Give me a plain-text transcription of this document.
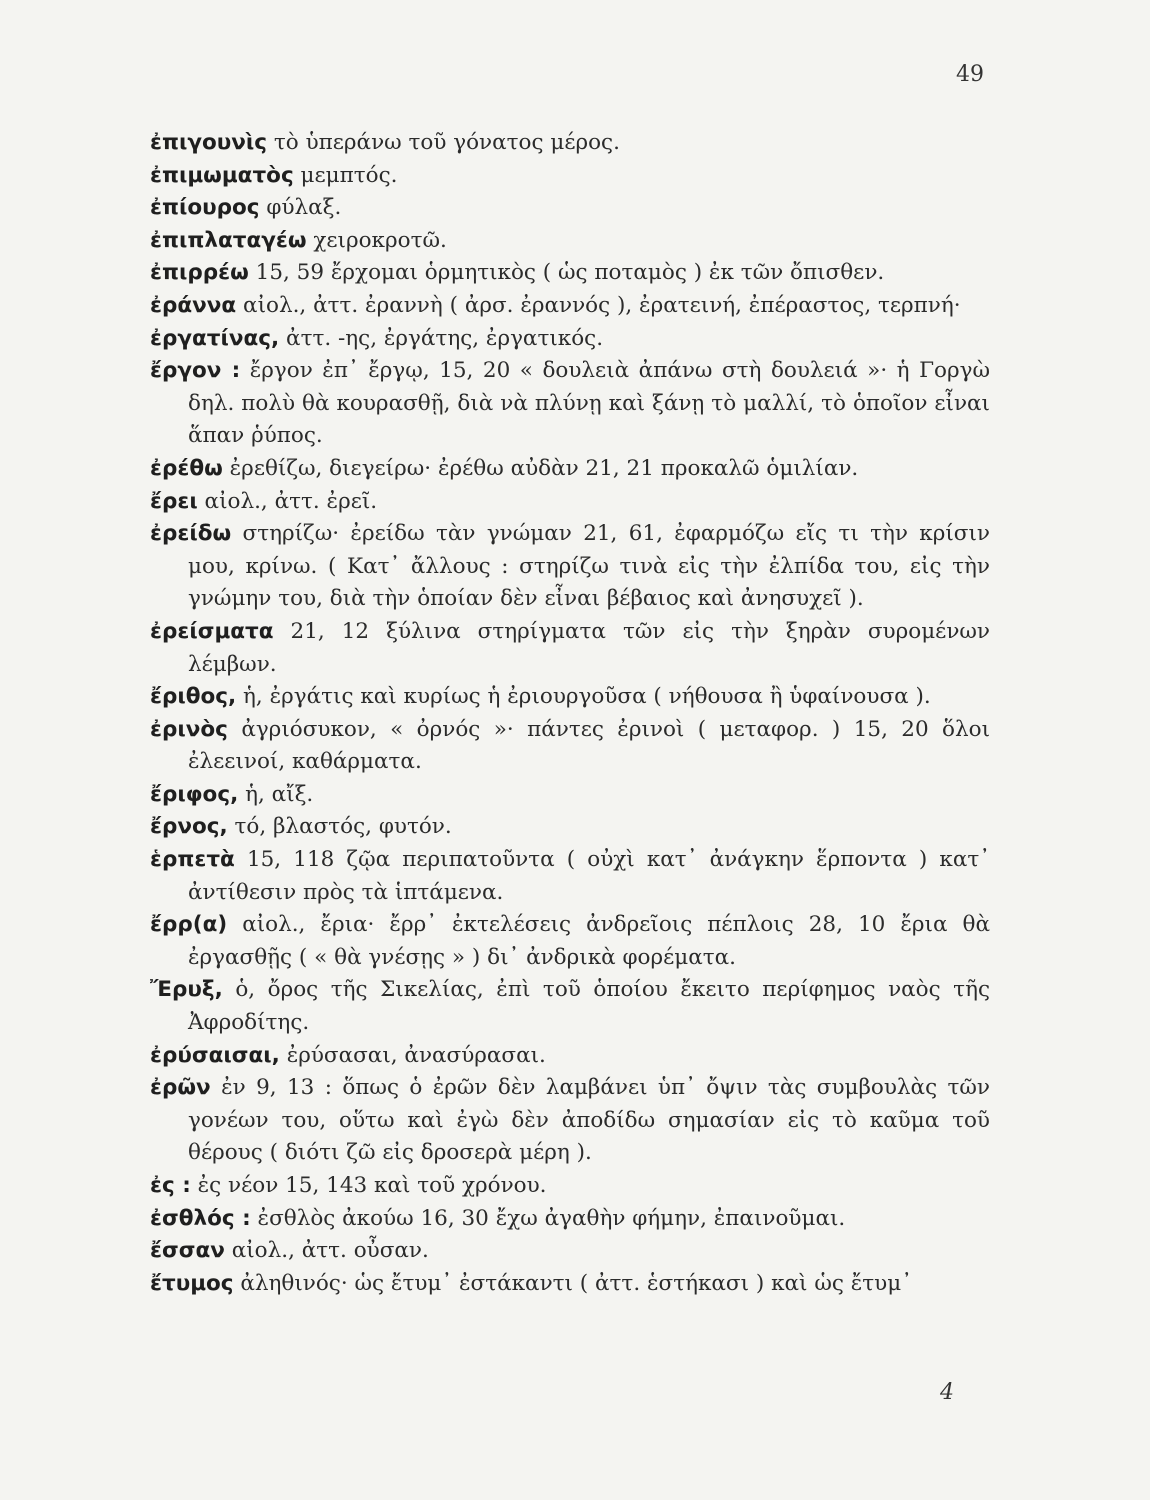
49

ἐπιγουνὶς τὸ ὑπεράνω τοῦ γόνατος μέρος.

ἐπιμωματὸς μεμπτός.

ἐπίουρος φύλαξ.

ἐπιπλαταγέω χειροκροτῶ.

ἐπιρρέω 15, 59 ἔρχομαι ὁρμητικὸς ( ὡς ποταμὸς ) ἐκ τῶν ὄπισθεν.

ἐράννα αἰολ., ἀττ. ἐραννὴ ( ἀρσ. ἐραννός ), ἐρατεινή, ἐπέραστος, τερπνή·

ἐργατίνας, ἀττ. -ης, ἐργάτης, ἐργατικός.

ἔργον : ἔργον ἐπ᾽ ἔργῳ, 15, 20 « δουλειὰ ἀπάνω στὴ δουλειά »· ἡ Γοργὼ δηλ. πολὺ θὰ κουρασθῇ, διὰ νὰ πλύνῃ καὶ ξάνῃ τὸ μαλλί, τὸ ὁποῖον εἶναι ἅπαν ῥύπος.

ἐρέθω ἐρεθίζω, διεγείρω· ἐρέθω αὐδὰν 21, 21 προκαλῶ ὁμιλίαν.

ἔρει αἰολ., ἀττ. ἐρεῖ.

ἐρείδω στηρίζω· ἐρείδω τὰν γνώμαν 21, 61, ἐφαρμόζω εἴς τι τὴν κρίσιν μου, κρίνω. ( Κατ᾽ ἄλλους : στηρίζω τινὰ εἰς τὴν ἐλπίδα του, εἰς τὴν γνώμην του, διὰ τὴν ὁποίαν δὲν εἶναι βέβαιος καὶ ἀνησυχεῖ ).

ἐρείσματα 21, 12 ξύλινα στηρίγματα τῶν εἰς τὴν ξηρὰν συρομένων λέμβων.

ἔριθος, ἡ, ἐργάτις καὶ κυρίως ἡ ἐριουργοῦσα ( νήθουσα ἢ ὑφαίνουσα ).

ἐρινὸς ἀγριόσυκον, « ὀρνός »· πάντες ἐρινοὶ ( μεταφορ. ) 15, 20 ὅλοι ἐλεεινοί, καθάρματα.

ἔριφος, ἡ, αἴξ.

ἔρνος, τό, βλαστός, φυτόν.

ἑρπετὰ 15, 118 ζῷα περιπατοῦντα ( οὐχὶ κατ᾽ ἀνάγκην ἕρποντα ) κατ᾽ ἀντίθεσιν πρὸς τὰ ἱπτάμενα.

ἔρρ(α) αἰολ., ἔρια· ἔρρ᾽ ἐκτελέσεις ἀνδρεῖοις πέπλοις 28, 10 ἔρια θὰ ἐργασθῇς ( « θὰ γνέσῃς » ) δι᾽ ἀνδρικὰ φορέματα.

Ἔρυξ, ὁ, ὄρος τῆς Σικελίας, ἐπὶ τοῦ ὁποίου ἔκειτο περίφημος ναὸς τῆς Ἀφροδίτης.

ἐρύσαισαι, ἐρύσασαι, ἀνασύρασαι.

ἐρῶν ἐν 9, 13 : ὅπως ὁ ἐρῶν δὲν λαμβάνει ὑπ᾽ ὄψιν τὰς συμβουλὰς τῶν γονέων του, οὕτω καὶ ἐγὼ δὲν ἀποδίδω σημασίαν εἰς τὸ καῦμα τοῦ θέρους ( διότι ζῶ εἰς δροσερὰ μέρη ).

ἐς : ἐς νέον 15, 143 καὶ τοῦ χρόνου.

ἐσθλός : ἐσθλὸς ἀκούω 16, 30 ἔχω ἀγαθὴν φήμην, ἐπαινοῦμαι.

ἔσσαν αἰολ., ἀττ. οὖσαν.

ἔτυμος ἀληθινός· ὡς ἔτυμ᾽ ἐστάκαντι ( ἀττ. ἑστήκασι ) καὶ ὡς ἔτυμ᾽

4
